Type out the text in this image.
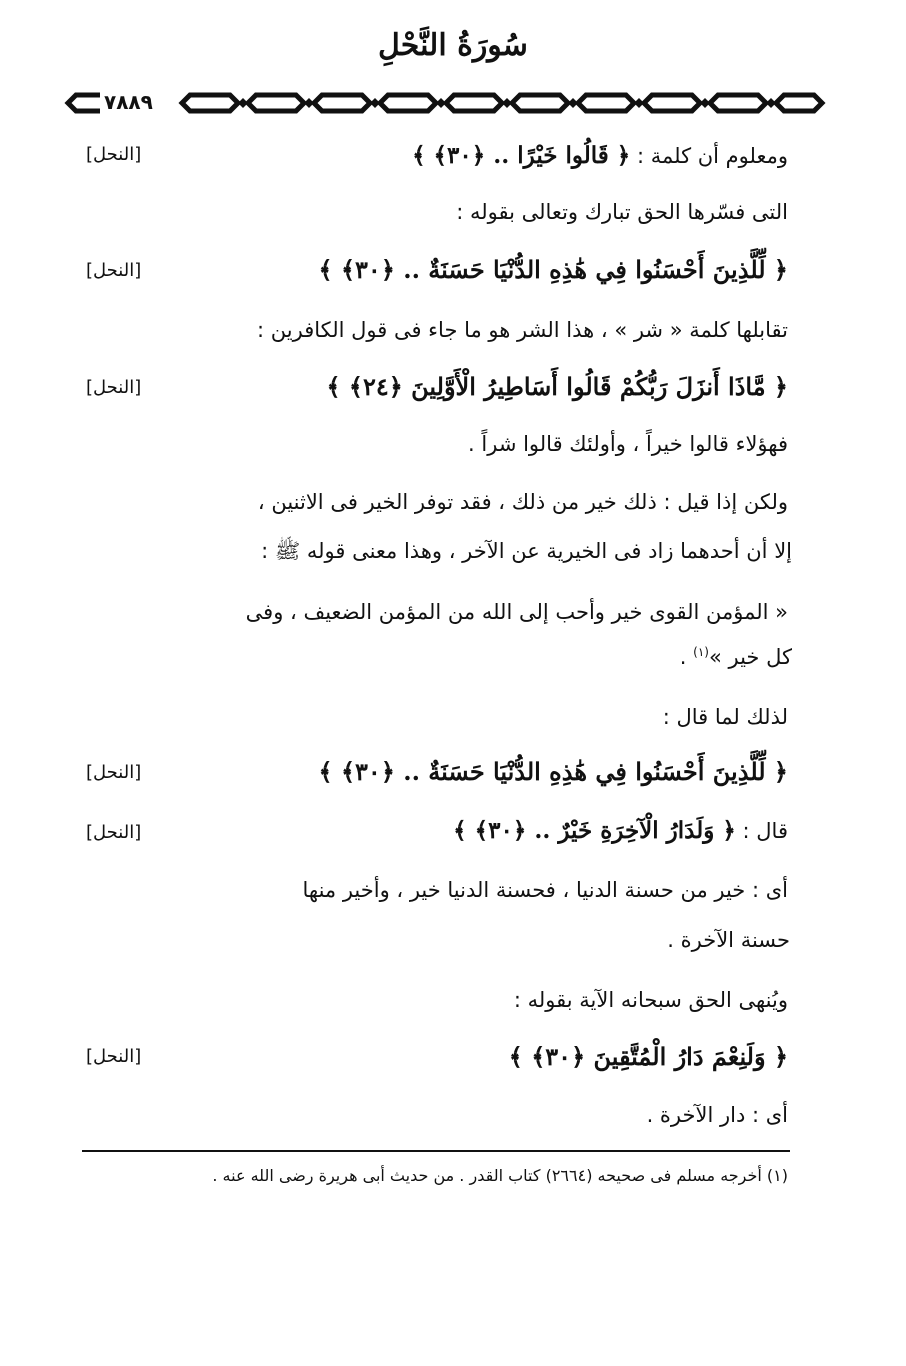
سُورَةُ النَّحْلِ
٧٨٨٩
ومعلوم أن كلمة : ﴿ قَالُوا خَيْرًا .. ﴿٣٠﴾ ﴾
[النحل]
التى فسّرها الحق تبارك وتعالى بقوله :
﴿ لِّلَّذِينَ أَحْسَنُوا فِي هَٰذِهِ الدُّنْيَا حَسَنَةٌ .. ﴿٣٠﴾ ﴾
[النحل]
تقابلها كلمة « شر » ، هذا الشر هو ما جاء فى قول الكافرين :
﴿ مَّاذَا أَنزَلَ رَبُّكُمْ قَالُوا أَسَاطِيرُ الْأَوَّلِينَ ﴿٢٤﴾ ﴾
[النحل]
فهؤلاء قالوا خيراً ، وأولئك قالوا شراً .
ولكن إذا قيل : ذلك خير من ذلك ، فقد توفر الخير فى الاثنين ،
إلا أن أحدهما زاد فى الخيرية عن الآخر ، وهذا معنى قوله ﷺ :
« المؤمن القوى خير وأحب إلى الله من المؤمن الضعيف ، وفى
كل خير »$^{(١)}$ .
لذلك لما قال :
﴿ لِّلَّذِينَ أَحْسَنُوا فِي هَٰذِهِ الدُّنْيَا حَسَنَةٌ .. ﴿٣٠﴾ ﴾
[النحل]
قال : ﴿ وَلَدَارُ الْآخِرَةِ خَيْرٌ .. ﴿٣٠﴾ ﴾
[النحل]
أى : خير من حسنة الدنيا ، فحسنة الدنيا خير ، وأخير منها
حسنة الآخرة .
ويُنهى الحق سبحانه الآية بقوله :
﴿ وَلَنِعْمَ دَارُ الْمُتَّقِينَ ﴿٣٠﴾ ﴾
[النحل]
أى : دار الآخرة .
(١) أخرجه مسلم فى صحيحه (٢٦٦٤) كتاب القدر . من حديث أبى هريرة رضى الله عنه .
